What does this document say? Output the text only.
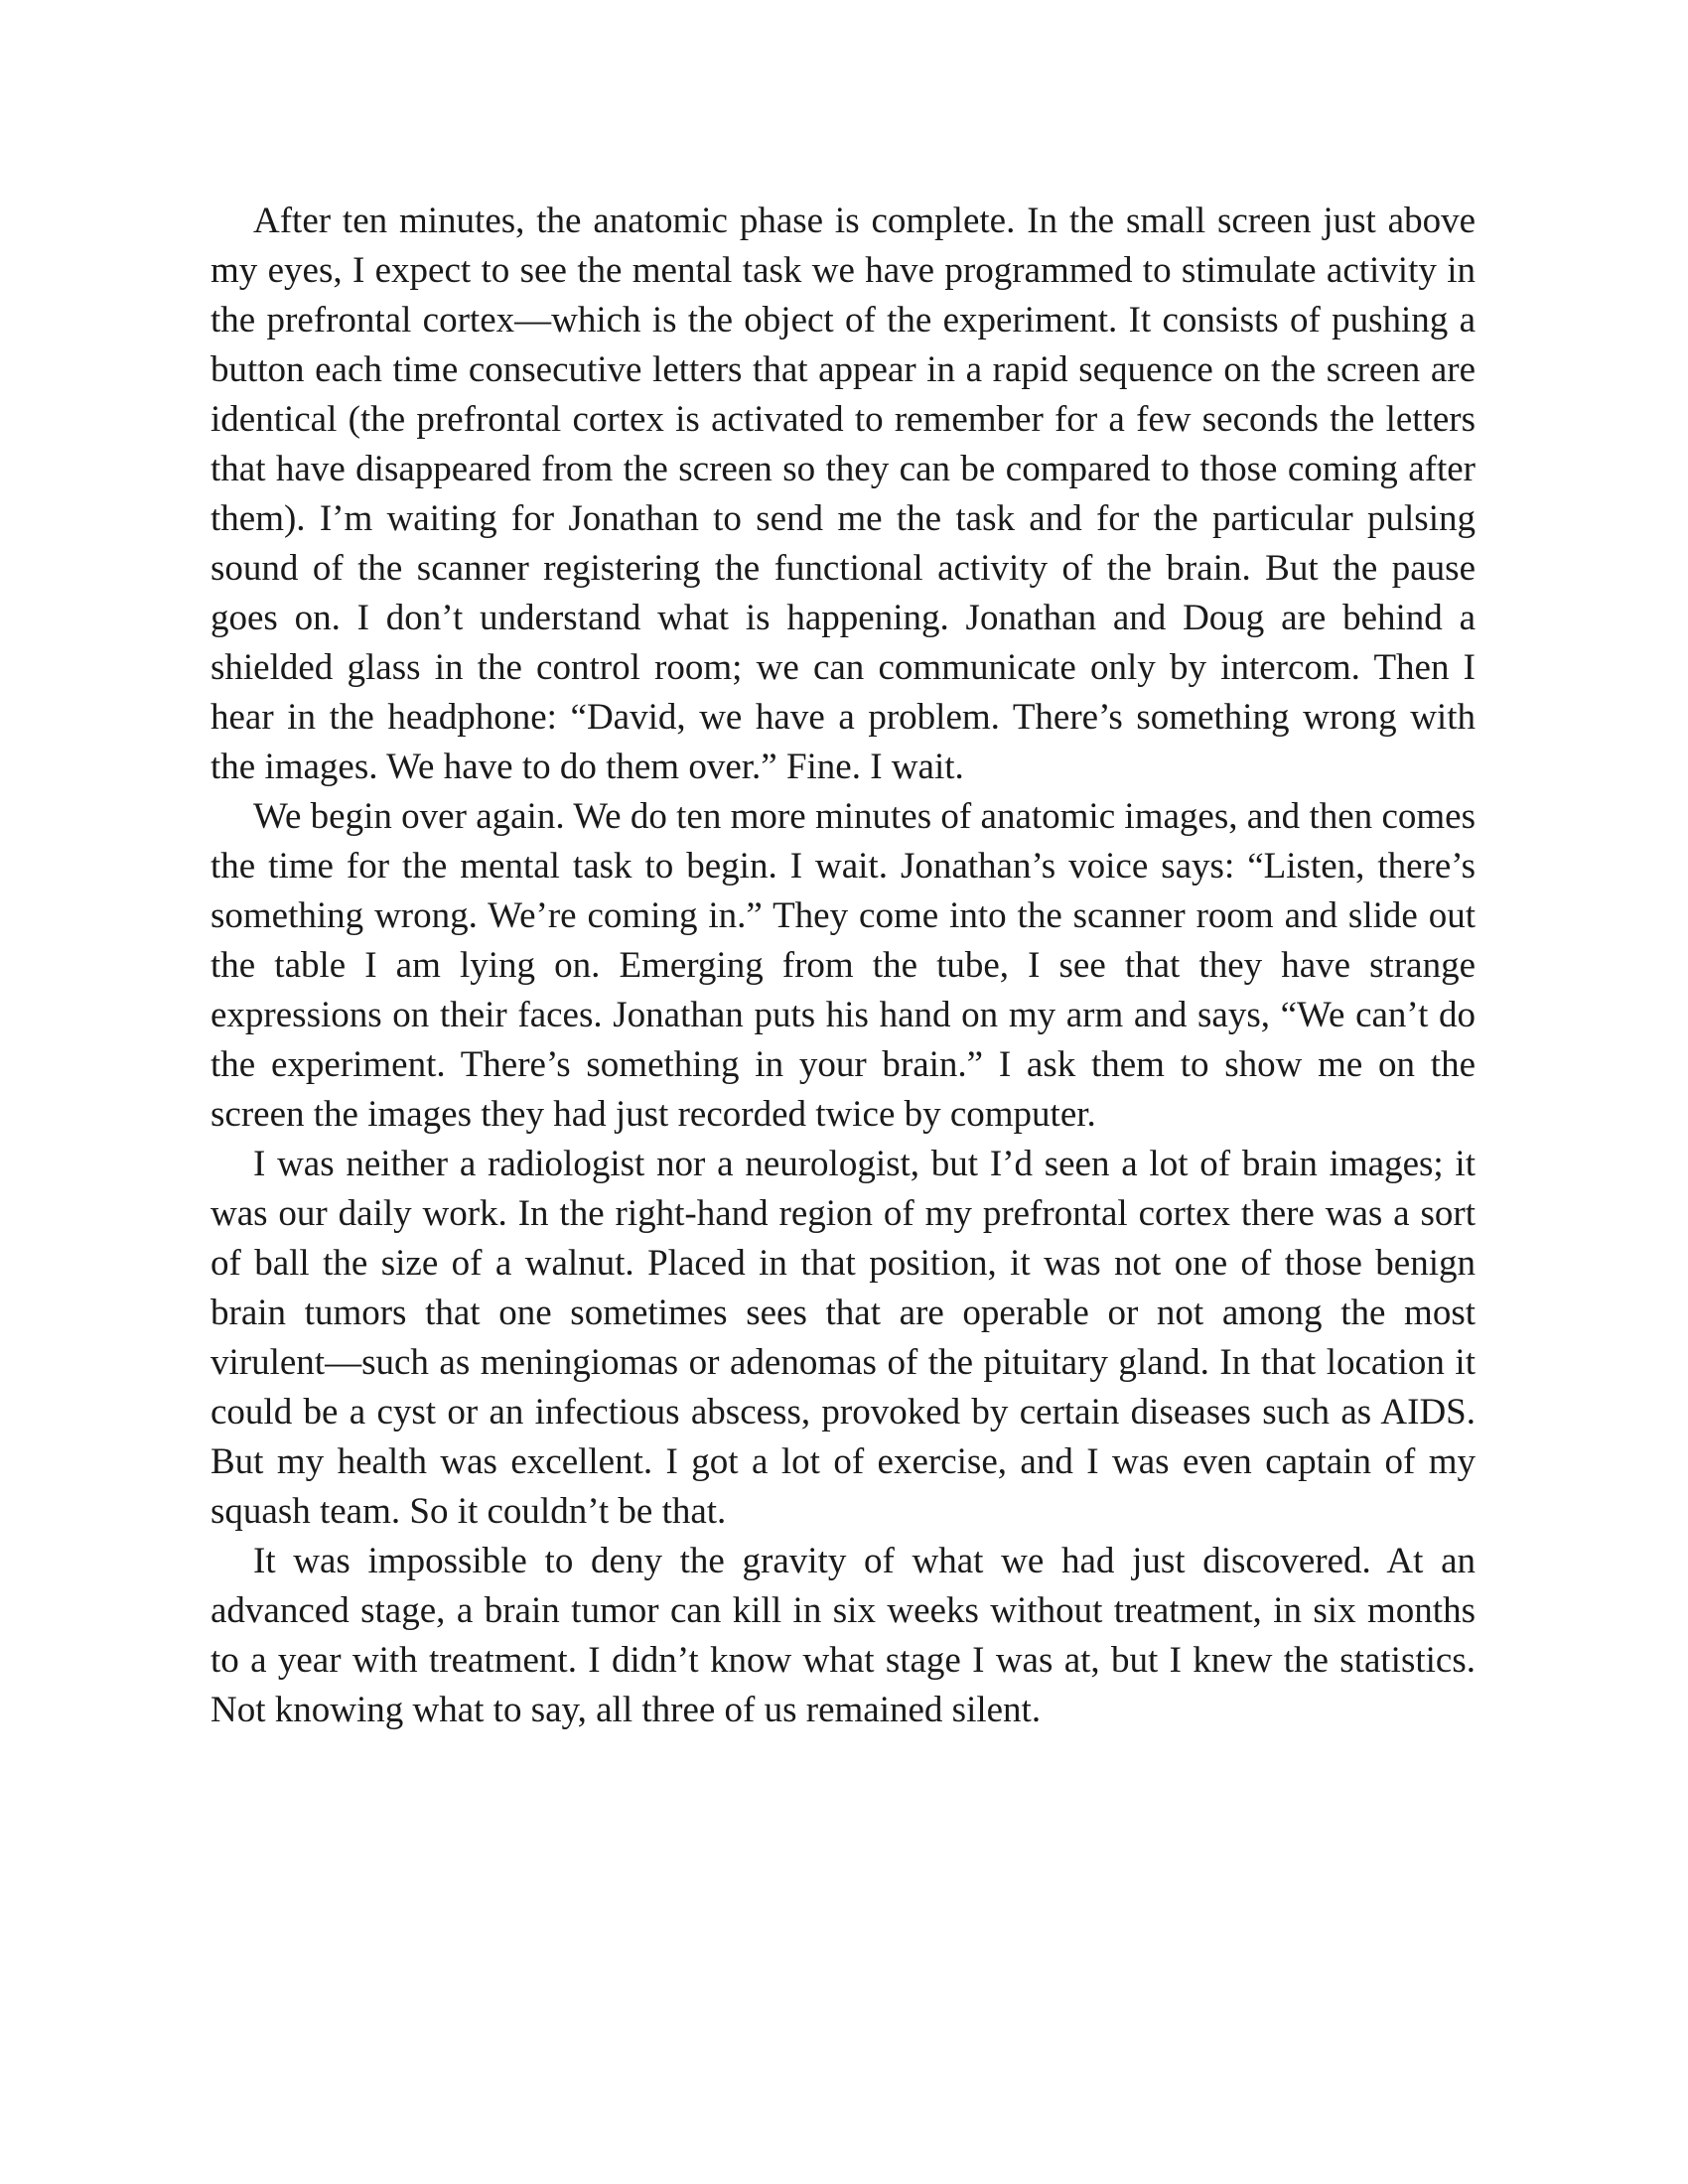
After ten minutes, the anatomic phase is complete. In the small screen just above my eyes, I expect to see the mental task we have programmed to stimulate activity in the prefrontal cortex—which is the object of the experiment. It consists of pushing a button each time consecutive letters that appear in a rapid sequence on the screen are identical (the prefrontal cortex is activated to remember for a few seconds the letters that have disappeared from the screen so they can be compared to those coming after them). I’m waiting for Jonathan to send me the task and for the particular pulsing sound of the scanner registering the functional activity of the brain. But the pause goes on. I don’t understand what is happening. Jonathan and Doug are behind a shielded glass in the control room; we can communicate only by intercom. Then I hear in the headphone: “David, we have a problem. There’s something wrong with the images. We have to do them over.” Fine. I wait.

We begin over again. We do ten more minutes of anatomic images, and then comes the time for the mental task to begin. I wait. Jonathan’s voice says: “Listen, there’s something wrong. We’re coming in.” They come into the scanner room and slide out the table I am lying on. Emerging from the tube, I see that they have strange expressions on their faces. Jonathan puts his hand on my arm and says, “We can’t do the experiment. There’s something in your brain.” I ask them to show me on the screen the images they had just recorded twice by computer.

I was neither a radiologist nor a neurologist, but I’d seen a lot of brain images; it was our daily work. In the right-hand region of my prefrontal cortex there was a sort of ball the size of a walnut. Placed in that position, it was not one of those benign brain tumors that one sometimes sees that are operable or not among the most virulent—such as meningiomas or adenomas of the pituitary gland. In that location it could be a cyst or an infectious abscess, provoked by certain diseases such as AIDS. But my health was excellent. I got a lot of exercise, and I was even captain of my squash team. So it couldn’t be that.

It was impossible to deny the gravity of what we had just discovered. At an advanced stage, a brain tumor can kill in six weeks without treatment, in six months to a year with treatment. I didn’t know what stage I was at, but I knew the statistics. Not knowing what to say, all three of us remained silent.
